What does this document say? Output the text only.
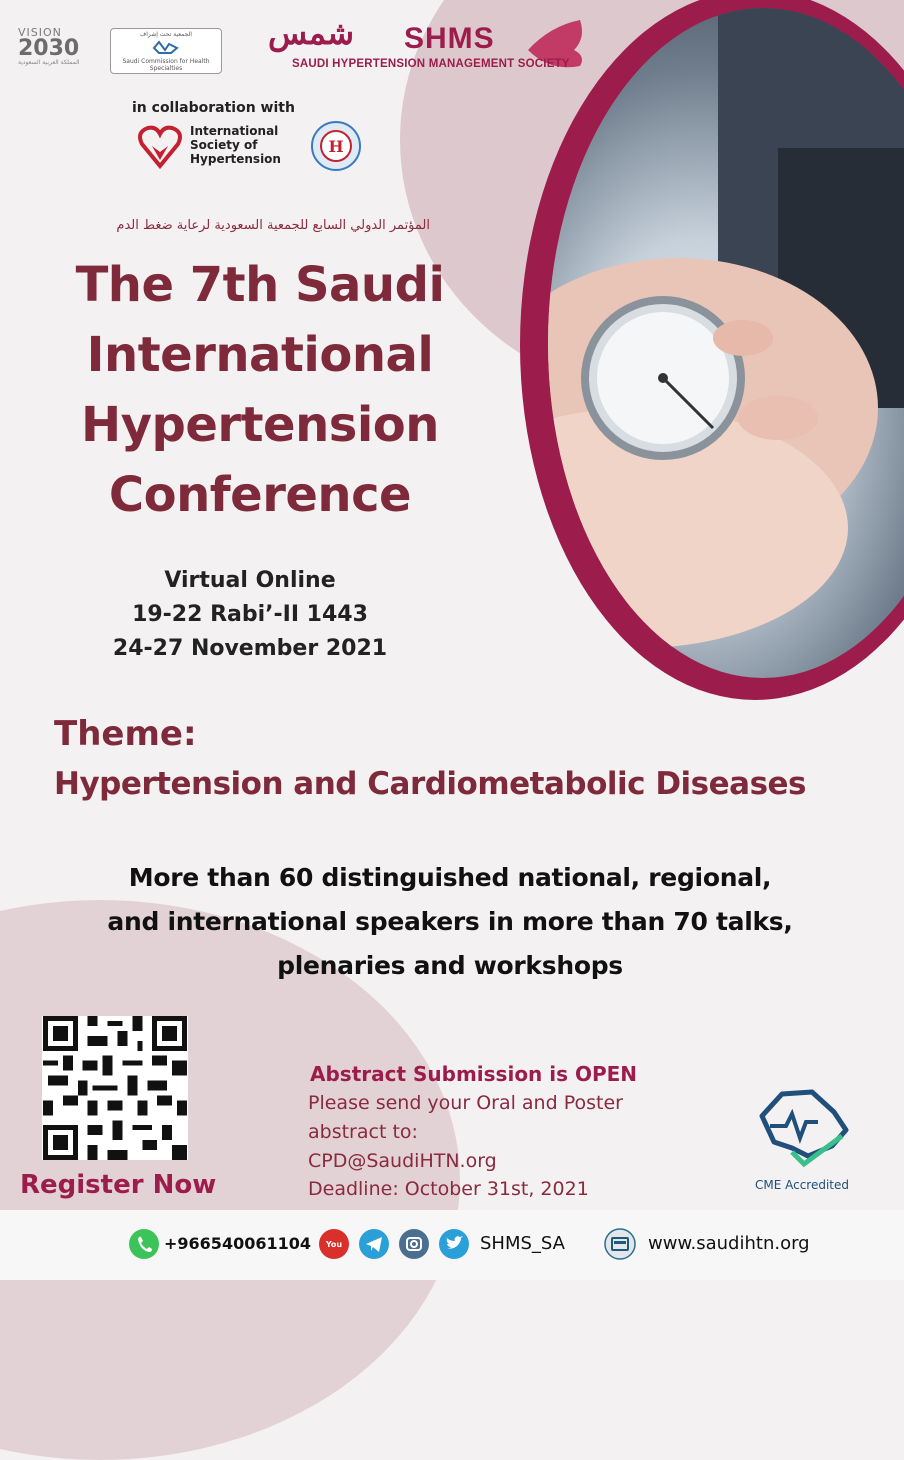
VISION
2030
المملكة العربية السعودية
الجمعية تحت إشراف
Saudi Commission for Health Specialties
شمس SHMS
SAUDI HYPERTENSION MANAGEMENT SOCIETY
in collaboration with
International
Society of
Hypertension
H
المؤتمر الدولي السابع للجمعية السعودية لرعاية ضغط الدم
The 7th Saudi
International
Hypertension
Conference
Virtual Online
19-22 Rabi’-II 1443
24-27 November 2021
Theme:
Hypertension and Cardiometabolic Diseases
More than 60 distinguished national, regional,
and international speakers in more than 70 talks,
plenaries and workshops
Register Now
Abstract Submission is OPEN
Please send your Oral and Poster
abstract to:
CPD@SaudiHTN.org
Deadline: October 31st, 2021	CME Accredited
+966540061104 You	SHMS_SA	www.saudihtn.org
